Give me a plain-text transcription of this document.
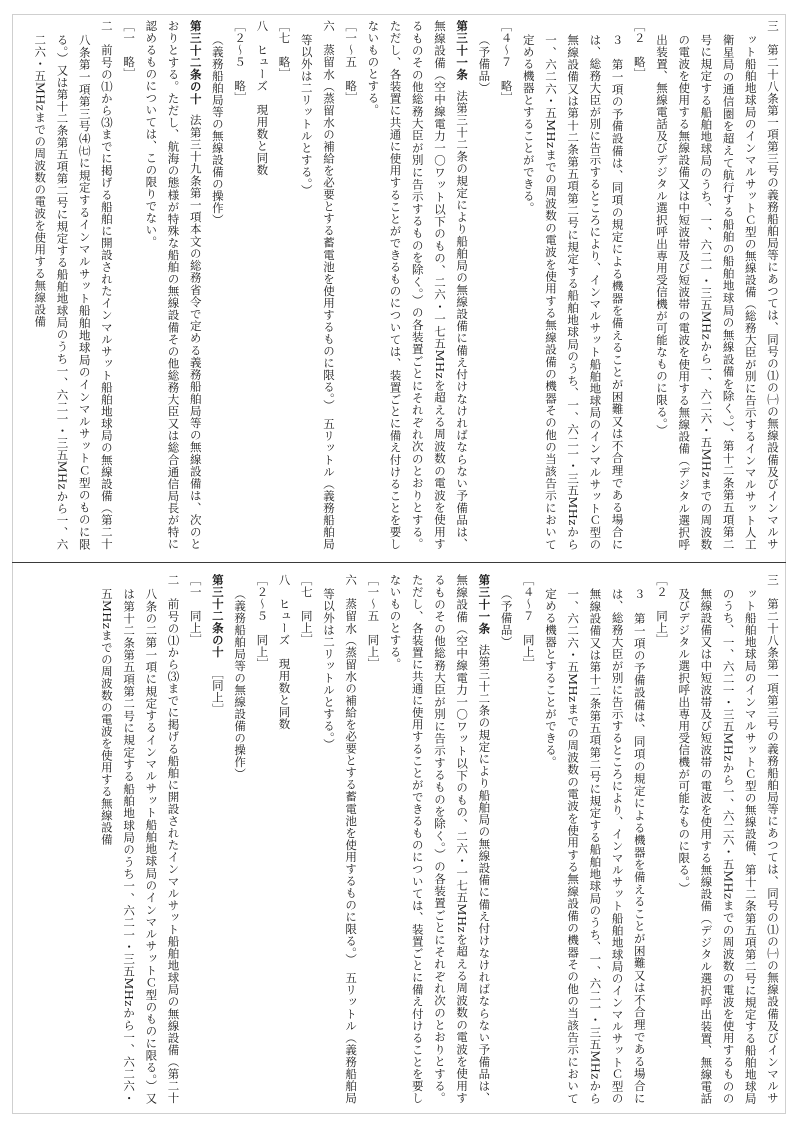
三　第二十八条第一項第三号の義務船舶局等にあつては、同号の⑴の㈠の無線設備及びインマルサット船舶地球局のインマルサットＣ型の無線設備（総務大臣が別に告示するインマルサット人工衛星局の通信圏を超えて航行する船舶の船舶地球局の無線設備を除く。）、第十二条第五項第二号に規定する船舶地球局のうち、一、六二一・三五MHzから一、六二六・五MHzまでの周波数の電波を使用する無線設備又は中短波帯及び短波帯の電波を使用する無線設備（デジタル選択呼出装置、無線電話及びデジタル選択呼出専用受信機が可能なものに限る。）

［２　略］

３　第一項の予備設備は、同項の規定による機器を備えることが困難又は不合理である場合には、総務大臣が別に告示するところにより、インマルサット船舶地球局のインマルサットＣ型の無線設備又は第十二条第五項第二号に規定する船舶地球局のうち、一、六二一・三五MHzから一、六二六・五MHzまでの周波数の電波を使用する無線設備の機器その他の当該告示において定める機器とすることができる。

［４～７　略］

（予備品）

第三十一条法第三十二条の規定により船舶局の無線設備に備え付けなければならない予備品は、無線設備（空中線電力一〇ワット以下のもの、二六・一七五MHzを超える周波数の電波を使用するものその他総務大臣が別に告示するものを除く。）の各装置ごとにそれぞれ次のとおりとする。ただし、各装置に共通に使用することができるものについては、装置ごとに備え付けることを要しないものとする。

［一～五　略］

六　蒸留水（蒸留水の補給を必要とする蓄電池を使用するものに限る。）　五リットル（義務船舶局等以外は二リットルとする。）

［七　略］

八　ヒューズ　現用数と同数

［２～５　略］

（義務船舶局等の無線設備の操作）

第三十二条の十法第三十九条第一項本文の総務省令で定める義務船舶局等の無線設備は、次のとおりとする。ただし、航海の態様が特殊な船舶の無線設備その他総務大臣又は総合通信局長が特に認めるものについては、この限りでない。

［一　略］

二　前号の⑴から⑶までに掲げる船舶に開設されたインマルサット船舶地球局の無線設備（第二十八条第一項第三号⑷㈦に規定するインマルサット船舶地球局のインマルサットＣ型のものに限る。）又は第十二条第五項第二号に規定する船舶地球局のうち一、六二一・三五MHzから一、六二六・五MHzまでの周波数の電波を使用する無線設備

三　第二十八条第一項第三号の義務船舶局等にあつては、同号の⑴の㈠の無線設備及びインマルサット船舶地球局のインマルサットＣ型の無線設備、第十二条第五項第二号に規定する船舶地球局のうち、一、六二一・三五MHzから一、六二六・五MHzまでの周波数の電波を使用するものの無線設備又は中短波帯及び短波帯の電波を使用する無線設備（デジタル選択呼出装置、無線電話及びデジタル選択呼出専用受信機が可能なものに限る。）

［２　同上］

３　第一項の予備設備は、同項の規定による機器を備えることが困難又は不合理である場合には、総務大臣が別に告示するところにより、インマルサット船舶地球局のインマルサットＣ型の無線設備又は第十二条第五項第二号に規定する船舶地球局のうち、一、六二一・三五MHzから一、六二六・五MHzまでの周波数の電波を使用する無線設備の機器その他の当該告示において定める機器とすることができる。

［４～７　同上］

（予備品）

第三十一条法第三十二条の規定により船舶局の無線設備に備え付けなければならない予備品は、無線設備（空中線電力一〇ワット以下のもの、二六・一七五MHzを超える周波数の電波を使用するものその他総務大臣が別に告示するものを除く。）の各装置ごとにそれぞれ次のとおりとする。ただし、各装置に共通に使用することができるものについては、装置ごとに備え付けることを要しないものとする。

［一～五　同上］

六　蒸留水（蒸留水の補給を必要とする蓄電池を使用するものに限る。）　五リットル（義務船舶局等以外は二リットルとする。）

［七　同上］

八　ヒューズ　現用数と同数

［２～５　同上］

（義務船舶局等の無線設備の操作）

第三十二条の十［同上］

［一　同上］

二　前号の⑴から⑶までに掲げる船舶に開設されたインマルサット船舶地球局の無線設備（第二十八条の二第一項に規定するインマルサット船舶地球局のインマルサットＣ型のものに限る。）又は第十二条第五項第二号に規定する船舶地球局のうち一、六二一・三五MHzから一、六二六・五MHzまでの周波数の電波を使用する無線設備
